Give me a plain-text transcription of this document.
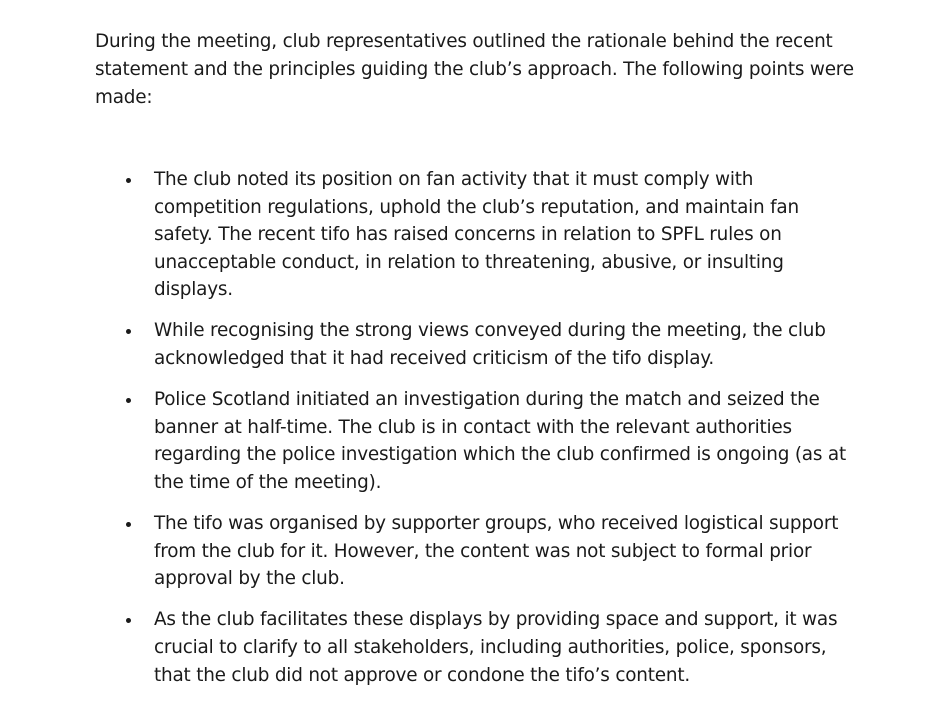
During the meeting, club representatives outlined the rationale behind the recent statement and the principles guiding the club’s approach. The following points were made:

The club noted its position on fan activity that it must comply with competition regulations, uphold the club’s reputation, and maintain fan safety. The recent tifo has raised concerns in relation to SPFL rules on unacceptable conduct, in relation to threatening, abusive, or insulting displays.
While recognising the strong views conveyed during the meeting, the club acknowledged that it had received criticism of the tifo display.
Police Scotland initiated an investigation during the match and seized the banner at half-time. The club is in contact with the relevant authorities regarding the police investigation which the club confirmed is ongoing (as at the time of the meeting).
The tifo was organised by supporter groups, who received logistical support from the club for it. However, the content was not subject to formal prior approval by the club.
As the club facilitates these displays by providing space and support, it was crucial to clarify to all stakeholders, including authorities, police, sponsors, that the club did not approve or condone the tifo’s content.
